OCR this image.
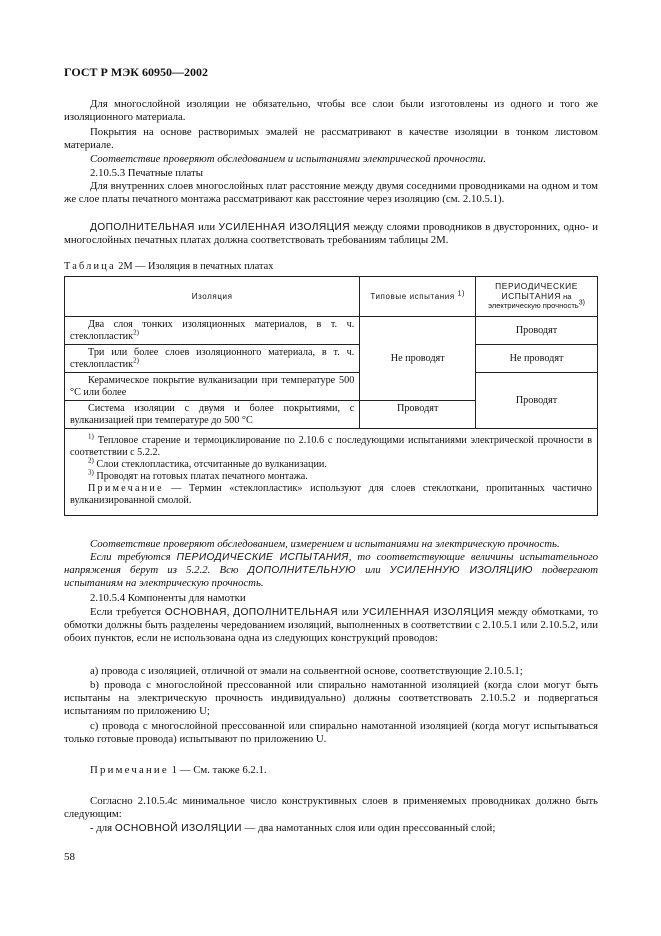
ГОСТ Р МЭК 60950—2002
Для многослойной изоляции не обязательно, чтобы все слои были изготовлены из одного и того же изоляционного материала.
Покрытия на основе растворимых эмалей не рассматривают в качестве изоляции в тонком листовом материале.
Соответствие проверяют обследованием и испытаниями электрической прочности.
2.10.5.3 Печатные платы
Для внутренних слоев многослойных плат расстояние между двумя соседними проводниками на одном и том же слое платы печатного монтажа рассматривают как расстояние через изоляцию (см. 2.10.5.1).
ДОПОЛНИТЕЛЬНАЯ или УСИЛЕННАЯ ИЗОЛЯЦИЯ между слоями проводников в двусторонних, одно- и многослойных печатных платах должна соответствовать требованиям таблицы 2М.
Таблица 2М — Изоляция в печатных платах
Изоляция	Типовые испытания $^{1)}$	ПЕРИОДИЧЕСКИЕ ИСПЫТАНИЯ на электрическую прочность$^{3)}$
Два слоя тонких изоляционных материалов, в т. ч. стеклопластик$^{2)}$	Не проводят	Проводят
Три или более слоев изоляционного материала, в т. ч. стеклопластик$^{2)}$		Не проводят
Керамическое покрытие вулканизации при температуре 500 °С или более		Проводят
Система изоляции с двумя и более покрытиями, с вулканизацией при температуре до 500 °С	Проводят	

$^{1)}$ Тепловое старение и термоциклирование по 2.10.6 с последующими испытаниями электрической прочности в соответствии с 5.2.2.
$^{2)}$ Слои стеклопластика, отсчитанные до вулканизации.
$^{3)}$ Проводят на готовых платах печатного монтажа.
Примечание — Термин «стеклопластик» используют для слоев стеклоткани, пропитанных частично вулканизированной смолой.		
Соответствие проверяют обследованием, измерением и испытаниями на электрическую прочность.
Если требуются ПЕРИОДИЧЕСКИЕ ИСПЫТАНИЯ, то соответствующие величины испытательного напряжения берут из 5.2.2. Всю ДОПОЛНИТЕЛЬНУЮ или УСИЛЕННУЮ ИЗОЛЯЦИЮ подвергают испытаниям на электрическую прочность.
2.10.5.4 Компоненты для намотки
Если требуется ОСНОВНАЯ, ДОПОЛНИТЕЛЬНАЯ или УСИЛЕННАЯ ИЗОЛЯЦИЯ между обмотками, то обмотки должны быть разделены чередованием изоляций, выполненных в соответствии с 2.10.5.1 или 2.10.5.2, или обоих пунктов, если не использована одна из следующих конструкций проводов:
а) провода с изоляцией, отличной от эмали на сольвентной основе, соответствующие 2.10.5.1;
b) провода с многослойной прессованной или спирально намотанной изоляцией (когда слои могут быть испытаны на электрическую прочность индивидуально) должны соответствовать 2.10.5.2 и подвергаться испытаниям по приложению U;
с) провода с многослойной прессованной или спирально намотанной изоляцией (когда могут испытываться только готовые провода) испытывают по приложению U.
Примечание 1 — См. также 6.2.1.
Согласно 2.10.5.4с минимальное число конструктивных слоев в применяемых проводниках должно быть следующим:
- для ОСНОВНОЙ ИЗОЛЯЦИИ — два намотанных слоя или один прессованный слой;
58
